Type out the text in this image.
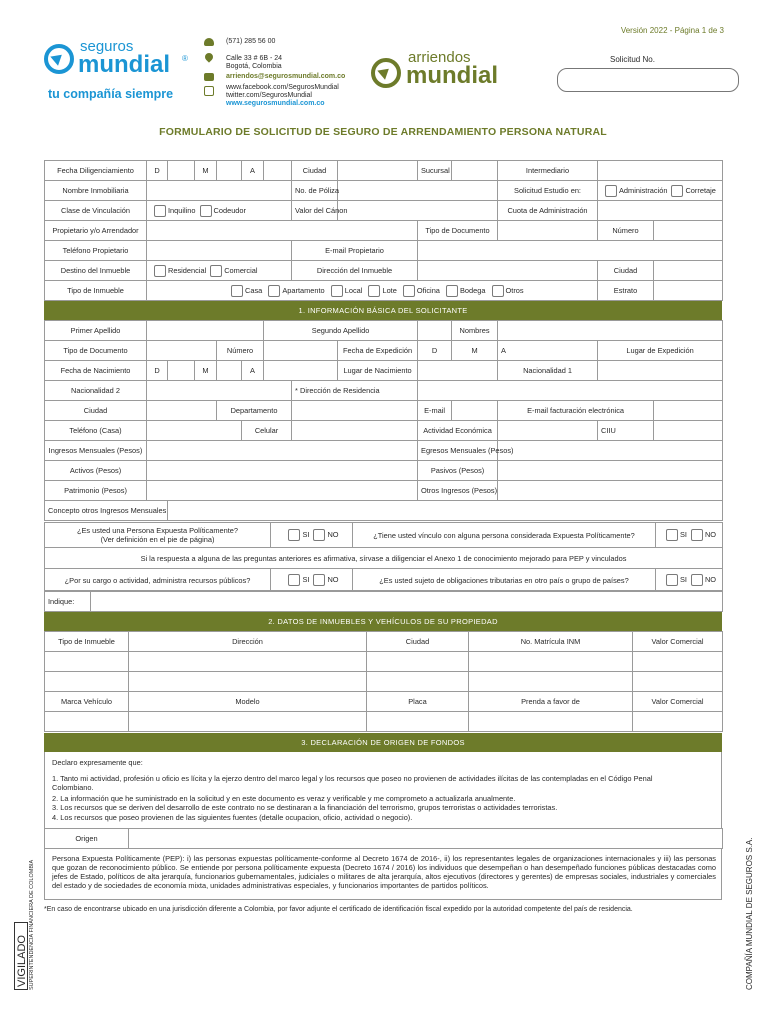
Versión 2022 - Página 1 de 3
seguros
mundial ®
tu compañía siempre
(571) 285 56 00
Calle 33 # 6B - 24
Bogotá, Colombia
arriendos@segurosmundial.com.co
www.facebook.com/SegurosMundial
twitter.com/SegurosMundial
www.segurosmundial.com.co
arriendos
mundial
Solicitud No.
FORMULARIO DE SOLICITUD DE SEGURO DE ARRENDAMIENTO PERSONA NATURAL
Fecha Diligenciamiento	D		M		A		Ciudad		Sucursal		Intermediario		
Nombre Inmobiliaria							No. de Póliza				Solicitud Estudio en:	Administración Corretaje	
Clase de Vinculación	Inquilino Codeudor						Valor del Cánon				Cuota de Administración		
Propietario y/o Arrendador									Tipo de Documento			Número	
Teléfono Propietario							E-mail Propietario						
Destino del Inmueble	Residencial Comercial						Dirección del Inmueble					Ciudad	
Tipo de Inmueble	Casa Apartamento Local Lote Oficina Bodega Otros											Estrato	
1. INFORMACIÓN BÁSICA DEL SOLICITANTE
Primer Apellido						Segundo Apellido				Nombres			
Tipo de Documento				Número				Fecha de Expedición	D	M	A	Lugar de Expedición	
Fecha de Nacimiento	D		M		A			Lugar de Nacimiento			Nacionalidad 1		
Nacionalidad 2							* Dirección de Residencia						
Ciudad				Departamento					E-mail		E-mail facturación electrónica		
Teléfono (Casa)					Celular				Actividad Económica			CIIU	
Ingresos Mensuales (Pesos)									Egresos Mensuales (Pesos)				
Activos (Pesos)									Pasivos (Pesos)				
Patrimonio (Pesos)									Otros Ingresos (Pesos)				
Concepto otros Ingresos Mensuales													
¿Es usted una Persona Expuesta Políticamente?
(Ver definición en el pie de página)	SI NO	¿Tiene usted vínculo con alguna persona considerada Expuesta Políticamente?	SI NO
Si la respuesta a alguna de las preguntas anteriores es afirmativa, sírvase a diligenciar el Anexo 1 de conocimiento mejorado para PEP y vinculados			
¿Por su cargo o actividad, administra recursos públicos?	SI NO	¿Es usted sujeto de obligaciones tributarias en otro país o grupo de países?	SI NO
Indique:	
2. DATOS DE INMUEBLES Y VEHÍCULOS DE SU PROPIEDAD
Tipo de Inmueble	Dirección	Ciudad	No. Matrícula INM	Valor Comercial

Marca Vehículo	Modelo	Placa	Prenda a favor de	Valor Comercial

3. DECLARACIÓN DE ORIGEN DE FONDOS
Declaro expresamente que:
1. Tanto mi actividad, profesión u oficio es lícita y la ejerzo dentro del marco legal y los recursos que poseo no provienen de actividades ilícitas de las contempladas en el Código Penal Colombiano.
2. La información que he suministrado en la solicitud y en este documento es veraz y verificable y me comprometo a actualizarla anualmente.
3. Los recursos que se deriven del desarrollo de este contrato no se destinaran a la financiación del terrorismo, grupos terroristas o actividades terroristas.
4. Los recursos que poseo provienen de las siguientes fuentes (detalle ocupacion, oficio, actividad o negocio).
Origen	
Persona Expuesta Políticamente (PEP): i) las personas expuestas políticamente-conforme al Decreto 1674 de 2016-, ii) los representantes legales de organizaciones internacionales y iii) las personas que gozan de reconocimiento público. Se entiende por persona políticamente expuesta (Decreto 1674 / 2016) los individuos que desempeñan o han desempeñado funciones públicas destacadas como jefes de Estado, políticos de alta jerarquía, funcionarios gubernamentales, judiciales o militares de alta jerarquía, altos ejecutivos (directores y gerentes) de empresas sociales, industriales y comerciales del estado y de sociedades de economía mixta, unidades administrativas especiales, y funcionarios importantes de partidos políticos.
*En caso de encontrarse ubicado en una jurisdicción diferente a Colombia, por favor adjunte el certificado de identificación fiscal expedido por la autoridad competente del país de residencia.
VIGILADO SUPERINTENDENCIA FINANCIERA DE COLOMBIA	COMPAÑÍA MUNDIAL DE SEGUROS S.A.
